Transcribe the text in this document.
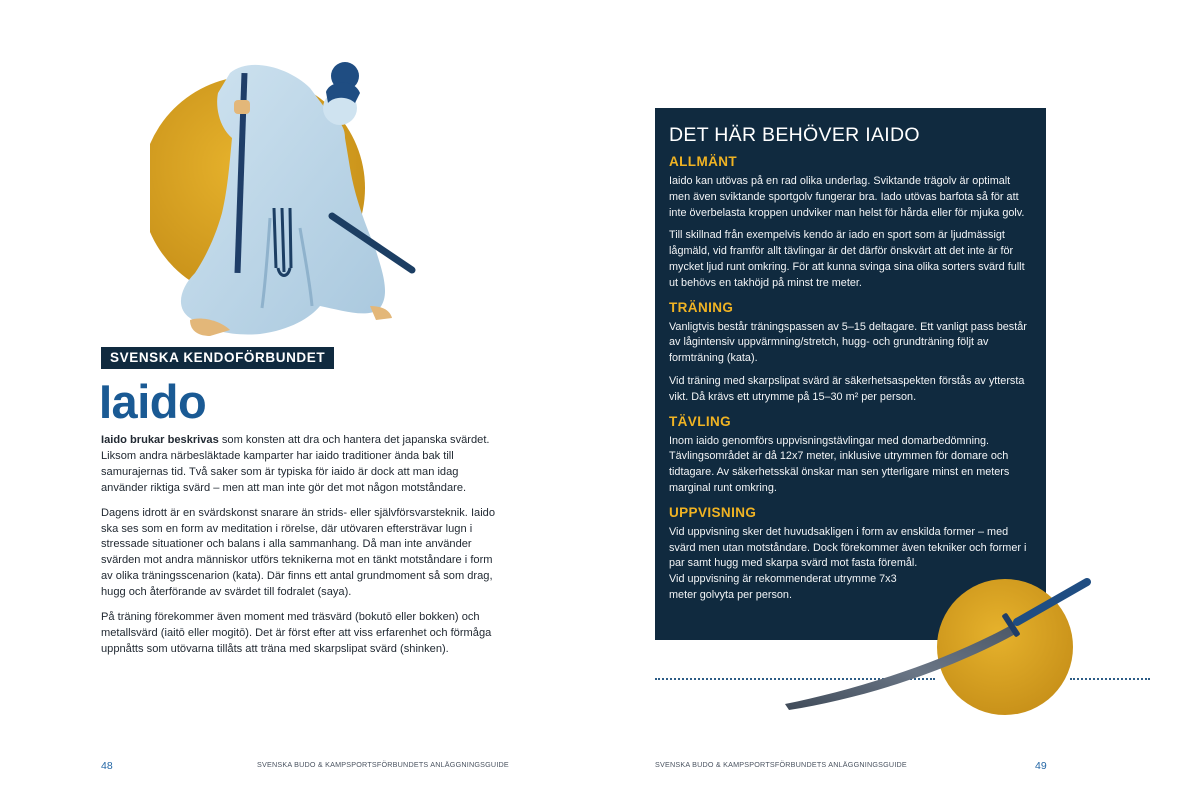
SVENSKA KENDOFÖRBUNDET
Iaido

Iaido brukar beskrivas som konsten att dra och hantera det japanska svärdet. Liksom andra närbesläktade kamparter har iaido traditioner ända bak till samurajernas tid. Två saker som är typiska för iaido är dock att man idag använder riktiga svärd – men att man inte gör det mot någon motståndare.

Dagens idrott är en svärdskonst snarare än strids- eller självförsvarsteknik. Iaido ska ses som en form av meditation i rörelse, där utövaren eftersträvar lugn i stressade situationer och balans i alla sammanhang. Då man inte använder svärden mot andra människor utförs teknikerna mot en tänkt motståndare i form av olika träningsscenarion (kata). Där finns ett antal grundmoment så som drag, hugg och återförande av svärdet till fodralet (saya).

På träning förekommer även moment med träsvärd (bokutō eller bokken) och metallsvärd (iaitō eller mogitō). Det är först efter att viss erfarenhet och förmåga uppnåtts som utövarna tillåts att träna med skarpslipat svärd (shinken).

48	SVENSKA BUDO & KAMPSPORTSFÖRBUNDETS ANLÄGGNINGSGUIDE
DET HÄR BEHÖVER IAIDO
ALLMÄNT

Iaido kan utövas på en rad olika underlag. Sviktande trägolv är optimalt men även sviktande sportgolv fungerar bra. Iado utövas barfota så för att inte överbelasta kroppen undviker man helst för hårda eller för mjuka golv.

Till skillnad från exempelvis kendo är iado en sport som är ljudmässigt lågmäld, vid framför allt tävlingar är det därför önskvärt att det inte är för mycket ljud runt omkring. För att kunna svinga sina olika sorters svärd fullt ut behövs en takhöjd på minst tre meter.

TRÄNING

Vanligtvis består träningspassen av 5–15 deltagare. Ett vanligt pass består av lågintensiv uppvärmning/stretch, hugg- och grundträning följt av formträning (kata).

Vid träning med skarpslipat svärd är säkerhetsaspekten förstås av yttersta vikt. Då krävs ett utrymme på 15–30 m² per person.

TÄVLING

Inom iaido genomförs uppvisningstävlingar med domarbedömning. Tävlingsområdet är då 12x7 meter, inklusive utrymmen för domare och tidtagare. Av säkerhetsskäl önskar man sen ytterligare minst en meters marginal runt omkring.

UPPVISNING

Vid uppvisning sker det huvudsakligen i form av enskilda former – med svärd men utan motståndare. Dock förekommer även tekniker och former i par samt hugg med skarpa svärd mot fasta föremål.
Vid uppvisning är rekommenderat utrymme 7x3
meter golvyta per person.

49
SVENSKA BUDO & KAMPSPORTSFÖRBUNDETS ANLÄGGNINGSGUIDE
